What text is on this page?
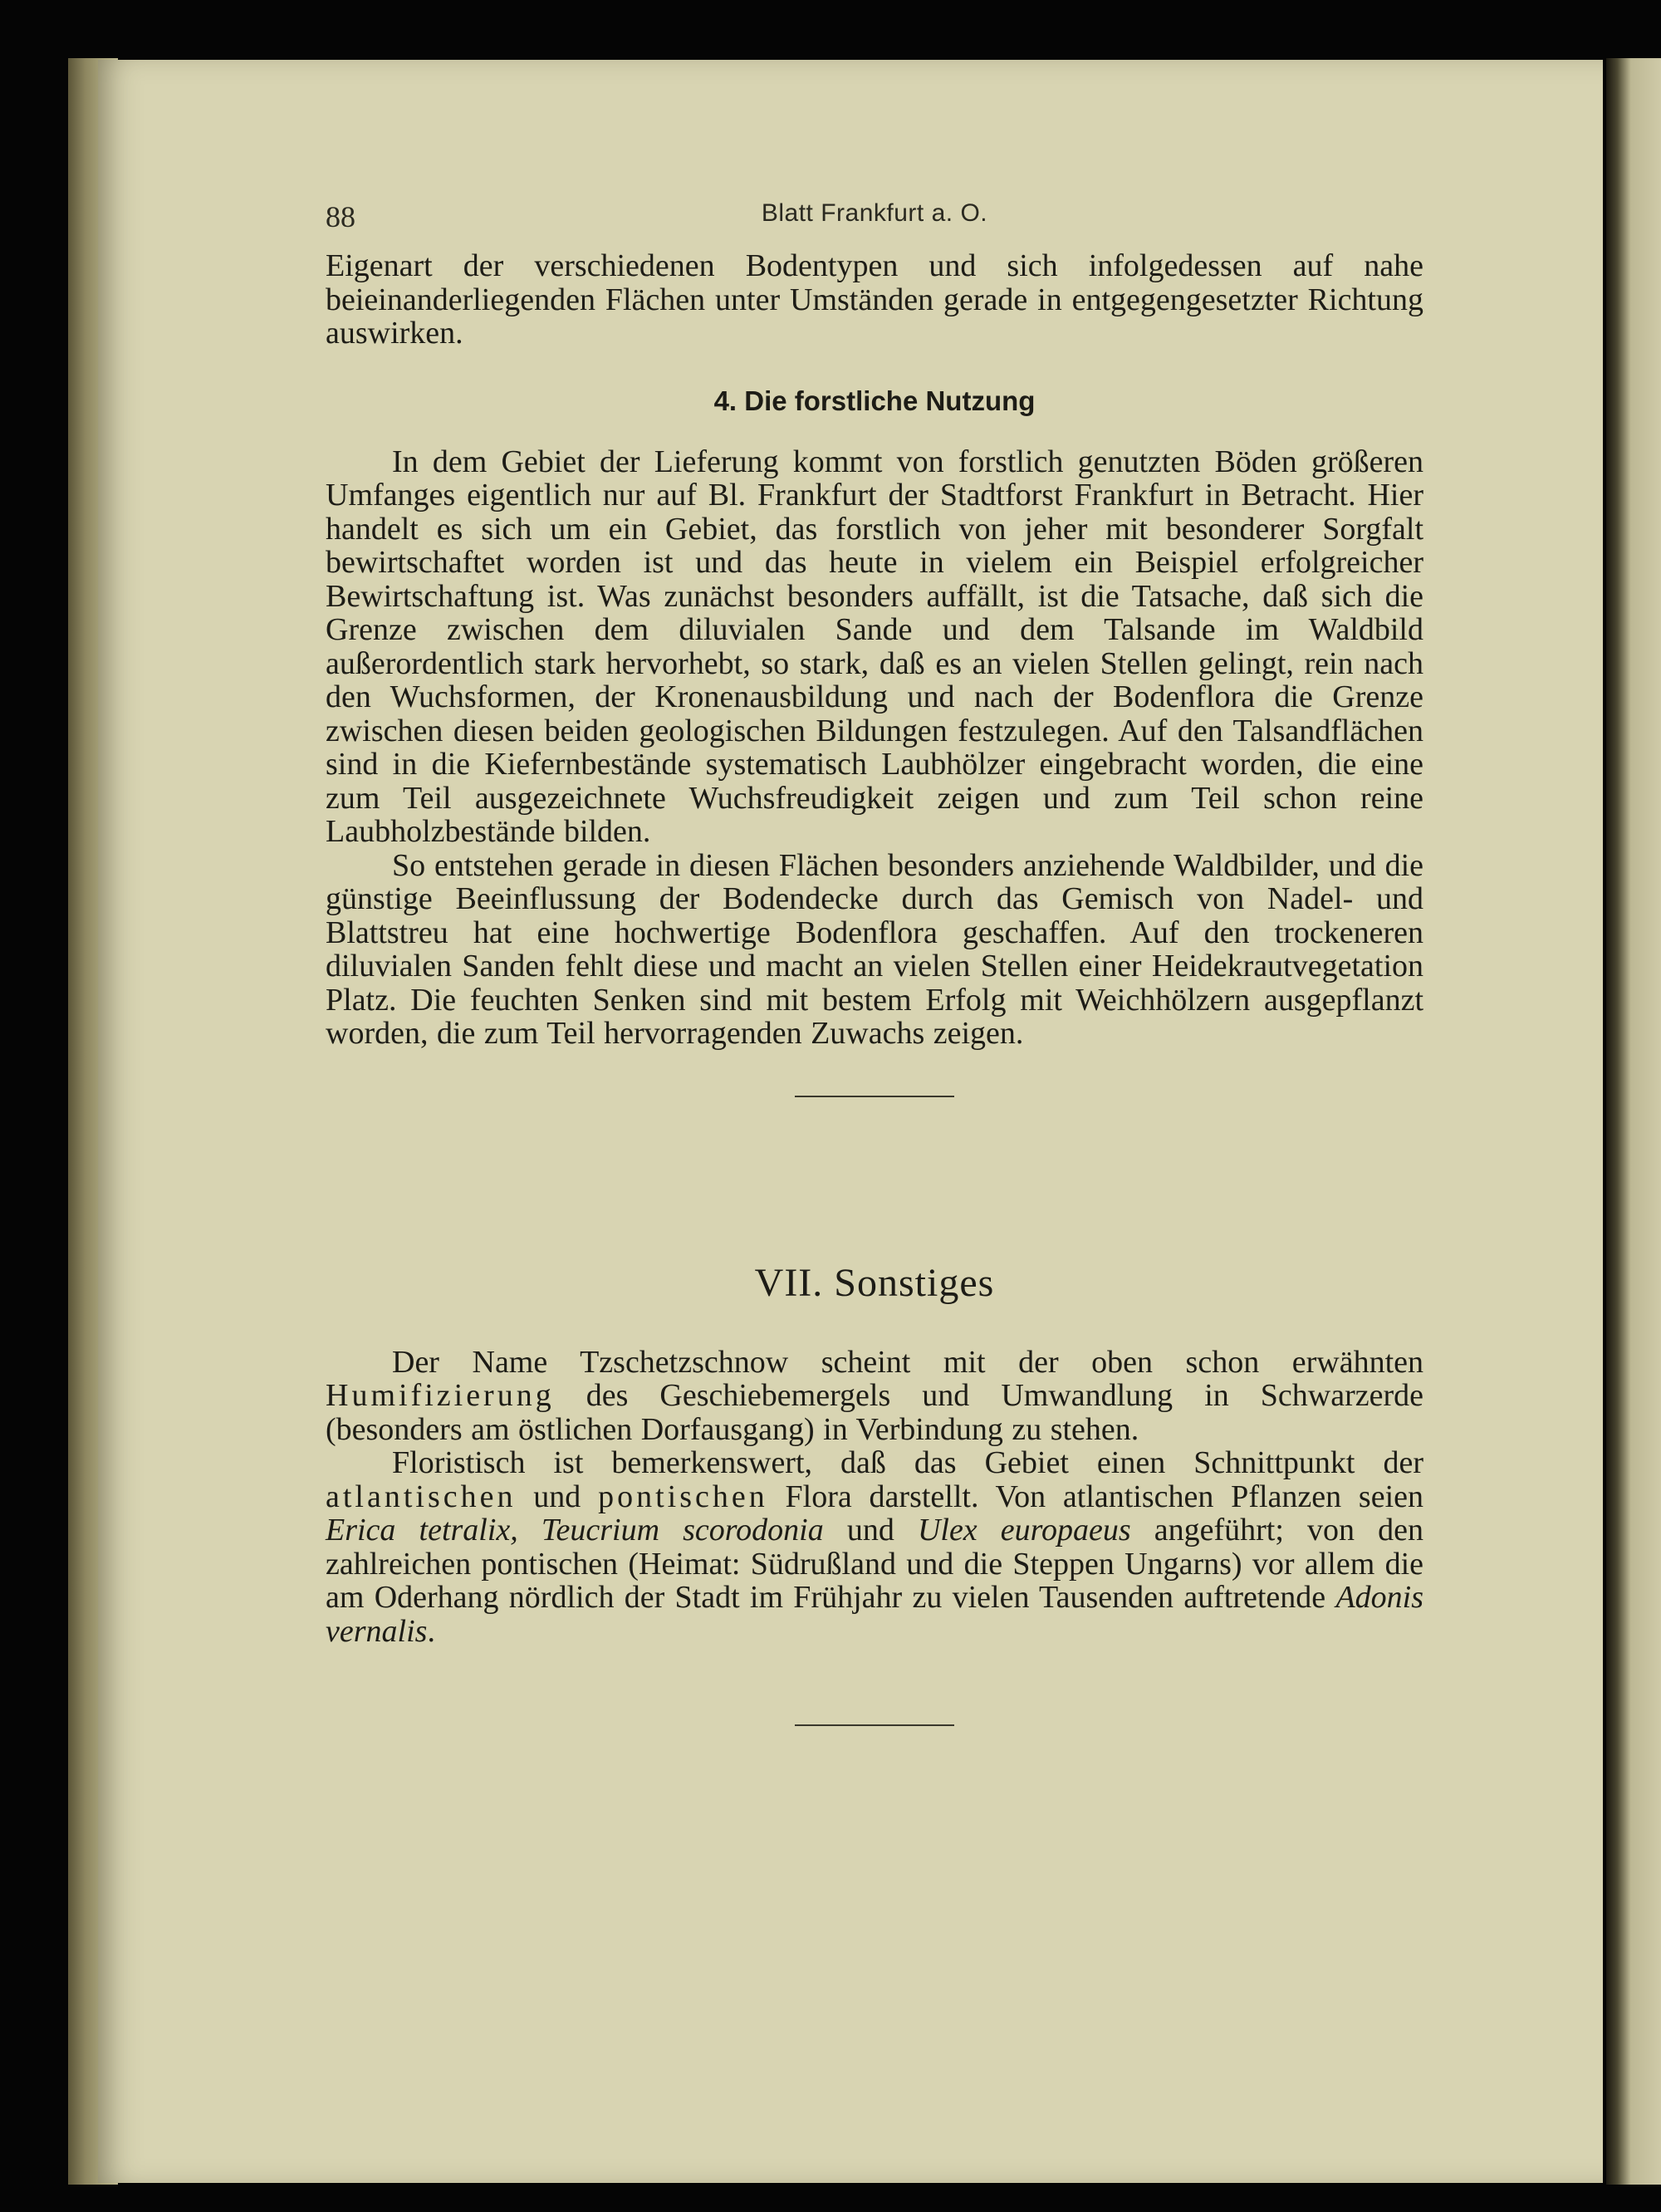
88	Blatt Frankfurt a. O.

Eigenart der verschiedenen Bodentypen und sich infolgedessen auf nahe beieinanderliegenden Flächen unter Umständen gerade in entgegengesetzter Richtung auswirken.

4. Die forstliche Nutzung

In dem Gebiet der Lieferung kommt von forstlich genutzten Böden größeren Umfanges eigentlich nur auf Bl. Frankfurt der Stadtforst Frankfurt in Betracht. Hier handelt es sich um ein Gebiet, das forstlich von jeher mit besonderer Sorgfalt bewirtschaftet worden ist und das heute in vielem ein Beispiel erfolgreicher Bewirtschaftung ist. Was zunächst besonders auffällt, ist die Tatsache, daß sich die Grenze zwischen dem diluvialen Sande und dem Talsande im Waldbild außerordentlich stark hervorhebt, so stark, daß es an vielen Stellen gelingt, rein nach den Wuchsformen, der Kronenausbildung und nach der Bodenflora die Grenze zwischen diesen beiden geologischen Bildungen festzulegen. Auf den Talsandflächen sind in die Kiefernbestände systematisch Laubhölzer eingebracht worden, die eine zum Teil ausgezeichnete Wuchsfreudigkeit zeigen und zum Teil schon reine Laubholzbestände bilden.

So entstehen gerade in diesen Flächen besonders anziehende Waldbilder, und die günstige Beeinflussung der Bodendecke durch das Gemisch von Nadel- und Blattstreu hat eine hochwertige Bodenflora geschaffen. Auf den trockeneren diluvialen Sanden fehlt diese und macht an vielen Stellen einer Heidekrautvegetation Platz. Die feuchten Senken sind mit bestem Erfolg mit Weichhölzern ausgepflanzt worden, die zum Teil hervorragenden Zuwachs zeigen.

VII. Sonstiges

Der Name Tzschetzschnow scheint mit der oben schon erwähnten Humifizierung des Geschiebemergels und Umwandlung in Schwarzerde (besonders am östlichen Dorfausgang) in Verbindung zu stehen.

Floristisch ist bemerkenswert, daß das Gebiet einen Schnittpunkt der atlantischen und pontischen Flora darstellt. Von atlantischen Pflanzen seien Erica tetralix, Teucrium scorodonia und Ulex europaeus angeführt; von den zahlreichen pontischen (Heimat: Südrußland und die Steppen Ungarns) vor allem die am Oderhang nördlich der Stadt im Frühjahr zu vielen Tausenden auftretende Adonis vernalis.
